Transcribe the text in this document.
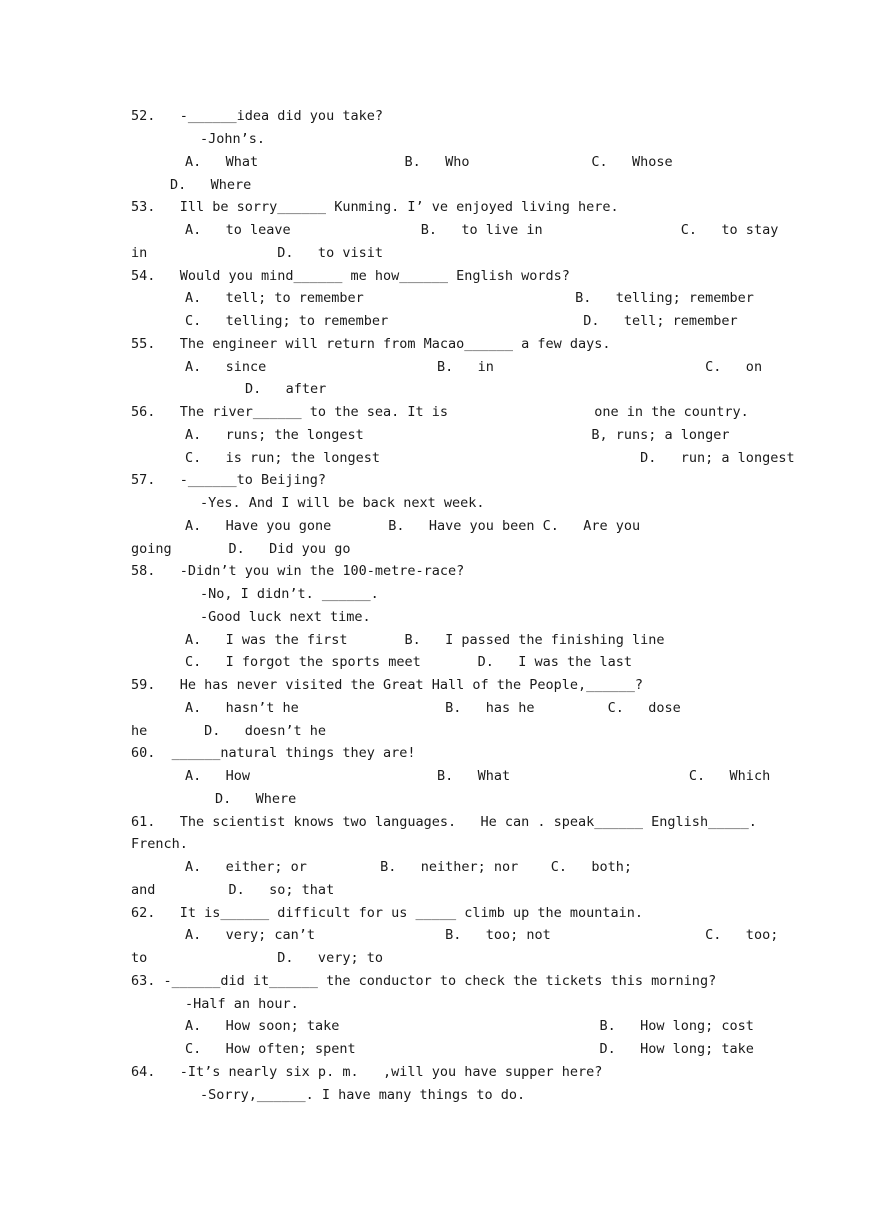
52.   -______idea did you take?
-John’s.
A.   What                  B.   Who               C.   Whose
D.   Where
53.   Ill be sorry______ Kunming. I’ ve enjoyed living here.
A.   to leave                B.   to live in                 C.   to stay
in                D.   to visit
54.   Would you mind______ me how______ English words?
A.   tell; to remember                          B.   telling; remember
C.   telling; to remember                        D.   tell; remember
55.   The engineer will return from Macao______ a few days.
A.   since                     B.   in                          C.   on
D.   after
56.   The river______ to the sea. It is                  one in the country.
A.   runs; the longest                            B, runs; a longer
C.   is run; the longest                                D.   run; a longest
57.   -______to Beijing?
-Yes. And I will be back next week.
A.   Have you gone       B.   Have you been C.   Are you
going       D.   Did you go
58.   -Didn’t you win the 100-metre-race?
-No, I didn’t. ______.
-Good luck next time.
A.   I was the first       B.   I passed the finishing line
C.   I forgot the sports meet       D.   I was the last
59.   He has never visited the Great Hall of the People,______?
A.   hasn’t he                  B.   has he         C.   dose
he       D.   doesn’t he
60.  ______natural things they are!
A.   How                       B.   What                      C.   Which
D.   Where
61.   The scientist knows two languages.   He can . speak______ English_____.
French.
A.   either; or         B.   neither; nor    C.   both;
and         D.   so; that
62.   It is______ difficult for us _____ climb up the mountain.
A.   very; can’t                B.   too; not                   C.   too;
to                D.   very; to
63. -______did it______ the conductor to check the tickets this morning?
-Half an hour.
A.   How soon; take                                B.   How long; cost
C.   How often; spent                              D.   How long; take
64.   -It’s nearly six p. m.   ,will you have supper here?
-Sorry,______. I have many things to do.
